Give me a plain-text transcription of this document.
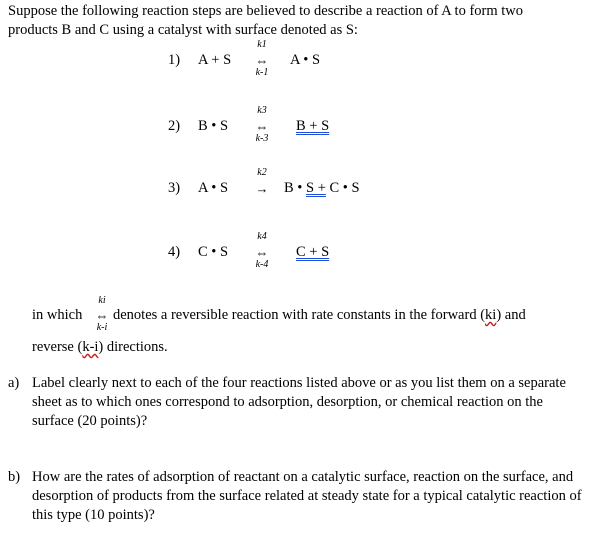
Suppose the following reaction steps are believed to describe a reaction of A to form two
products B and C using a catalyst with surface denoted as S:
1) A + S
k1
⇔
k-1
A • S
2) B • S
k3
⇔
k-3
B + S
3) A • S
k2
→ B • S + C • S
4) C • S
k4
⇔
k-4
C + S
in which
ki
⇔
k-i
denotes a reversible reaction with rate constants in the forward (ki) and
reverse (k-i) directions.
a) Label clearly next to each of the four reactions listed above or as you list them on a separate sheet as to which ones correspond to adsorption, desorption, or chemical reaction on the surface (20 points)?
b) How are the rates of adsorption of reactant on a catalytic surface, reaction on the surface, and desorption of products from the surface related at steady state for a typical catalytic reaction of this type (10 points)?
